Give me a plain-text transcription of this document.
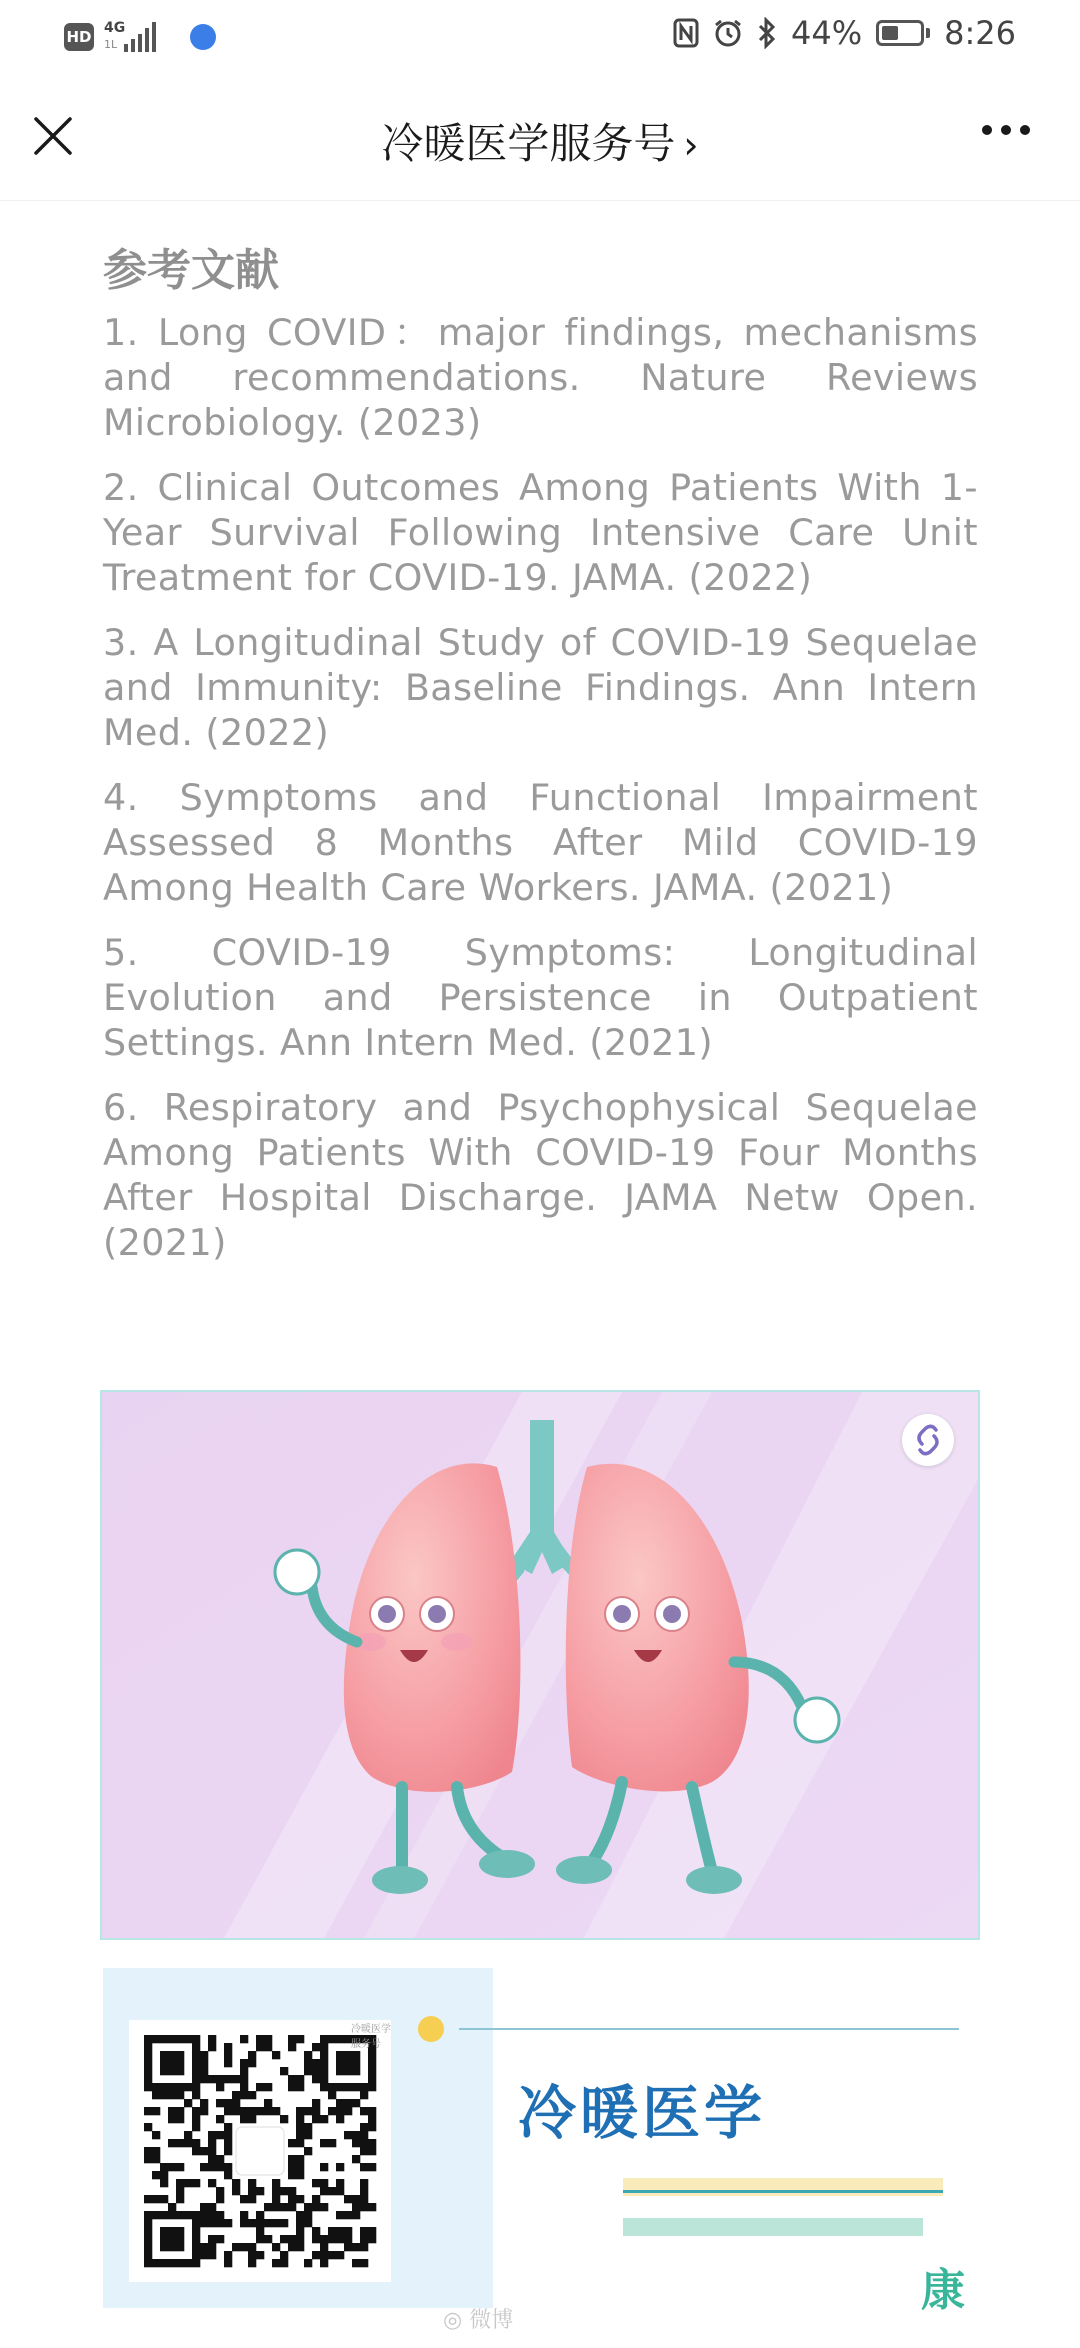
HD 4G
1L	44%	8:26
冷暖医学服务号 ›
参考文献

1. Long COVID：major findings, mechanisms and recommendations. Nature Reviews Microbiology. (2023)

2. Clinical Outcomes Among Patients With 1-Year Survival Following Intensive Care Unit Treatment for COVID-19. JAMA. (2022)

3. A Longitudinal Study of COVID-19 Sequelae and Immunity: Baseline Findings. Ann Intern Med. (2022)

4. Symptoms and Functional Impairment Assessed 8 Months After Mild COVID-19 Among Health Care Workers. JAMA. (2021)

5. COVID-19 Symptoms: Longitudinal Evolution and Persistence in Outpatient Settings. Ann Intern Med. (2021)

6. Respiratory and Psychophysical Sequelae Among Patients With COVID-19 Four Months After Hospital Discharge. JAMA Netw Open. (2021)

冷暖医学服务号
冷暖医学
康
◎ 微博
